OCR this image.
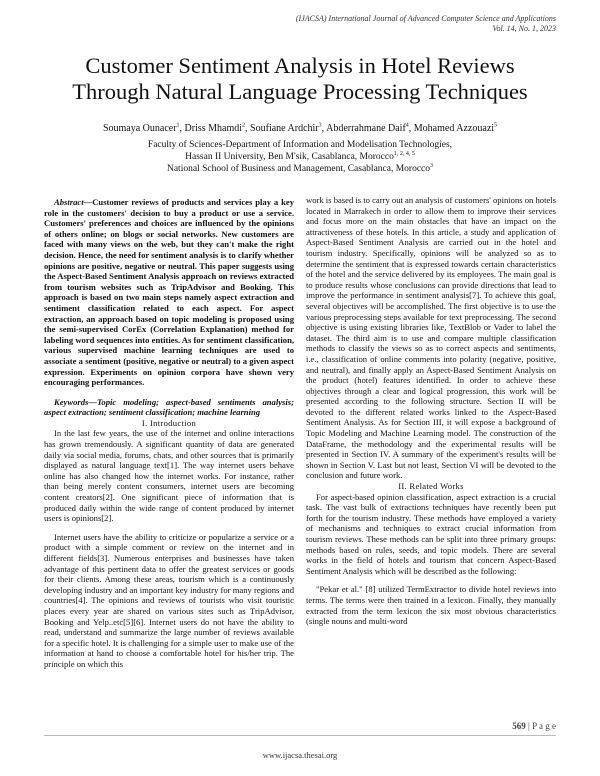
(IJACSA) International Journal of Advanced Computer Science and Applications
Vol. 14, No. 1, 2023
Customer Sentiment Analysis in Hotel Reviews
Through Natural Language Processing Techniques
Soumaya Ounacer$^1$, Driss Mhamdi$^2$, Soufiane Ardchir$^3$, Abderrahmane Daif$^4$, Mohamed Azzouazi$^5$
Faculty of Sciences-Department of Information and Modelisation Technologies,
Hassan II University, Ben M'sik, Casablanca, Morocco$^{1, 2, 4, 5}$
National School of Business and Management, Casablanca, Morocco$^3$

Abstract—Customer reviews of products and services play a key role in the customers' decision to buy a product or use a service. Customers' preferences and choices are influenced by the opinions of others online; on blogs or social networks. New customers are faced with many views on the web, but they can't make the right decision. Hence, the need for sentiment analysis is to clarify whether opinions are positive, negative or neutral. This paper suggests using the Aspect-Based Sentiment Analysis approach on reviews extracted from tourism websites such as TripAdvisor and Booking. This approach is based on two main steps namely aspect extraction and sentiment classification related to each aspect. For aspect extraction, an approach based on topic modeling is proposed using the semi-supervised CorEx (Correlation Explanation) method for labeling word sequences into entities. As for sentiment classification, various supervised machine learning techniques are used to associate a sentiment (positive, negative or neutral) to a given aspect expression. Experiments on opinion corpora have shown very encouraging performances.

Keywords—Topic modeling; aspect-based sentiments analysis; aspect extraction; sentiment classification; machine learning

I. Introduction

In the last few years, the use of the internet and online interactions has grown tremendously. A significant quantity of data are generated daily via social media, forums, chats, and other sources that is primarily displayed as natural language text[1]. The way internet users behave online has also changed how the internet works. For instance, rather than being merely content consumers, internet users are becoming content creators[2]. One significant piece of information that is produced daily within the wide range of content produced by internet users is opinions[2].

Internet users have the ability to criticize or popularize a service or a product with a simple comment or review on the internet and in different fields[3]. Numerous enterprises and businesses have taken advantage of this pertinent data to offer the greatest services or goods for their clients. Among these areas, tourism which is a continuously developing industry and an important key industry for many regions and countries[4]. The opinions and reviews of tourists who visit touristic places every year are shared on various sites such as TripAdvisor, Booking and Yelp..etc[5][6]. Internet users do not have the ability to read, understand and summarize the large number of reviews available for a specific hotel. It is challenging for a simple user to make use of the information at hand to choose a comfortable hotel for his/her trip. The principle on which this

work is based is to carry out an analysis of customers' opinions on hotels located in Marrakech in order to allow them to improve their services and focus more on the main obstacles that have an impact on the attractiveness of these hotels. In this article, a study and application of Aspect-Based Sentiment Analysis are carried out in the hotel and tourism industry. Specifically, opinions will be analyzed so as to determine the sentiment that is expressed towards certain characteristics of the hotel and the service delivered by its employees. The main goal is to produce results whose conclusions can provide directions that lead to improve the performance in sentiment analysis[7]. To achieve this goal, several objectives will be accomplished. The first objective is to use the various preprocessing steps available for text preprocessing. The second objective is using existing libraries like, TextBlob or Vader to label the dataset. The third aim is to use and compare multiple classification methods to classify the views so as to correct aspects and sentiments, i.e., classification of online comments into polarity (negative, positive, and neutral), and finally apply an Aspect-Based Sentiment Analysis on the product (hotel) features identified. In order to achieve these objectives through a clear and logical progression, this work will be presented according to the following structure. Section II will be devoted to the different related works linked to the Aspect-Based Sentiment Analysis. As for Section III, it will expose a background of Topic Modeling and Machine Learning model. The construction of the DataFrame, the methodology and the experimental results will be presented in Section IV. A summary of the experiment's results will be shown in Section V. Last but not least, Section VI will be devoted to the conclusion and future work.

II. Related Works

For aspect-based opinion classification, aspect extraction is a crucial task. The vast bulk of extractions techniques have recently been put forth for the tourism industry. These methods have employed a variety of mechanisms and techniques to extract crucial information from tourism reviews. These methods can be split into three primary groups: methods based on rules, seeds, and topic models. There are several works in the field of hotels and tourism that concern Aspect-Based Sentiment Analysis which will be described as the following:

"Pekar et al." [8] utilized TermExtractor to divide hotel reviews into terms. The terms were then trained in a lexicon. Finally, they manually extracted from the term lexicon the six most obvious characteristics (single nouns and multi-word

569 | P a g e
www.ijacsa.thesai.org
